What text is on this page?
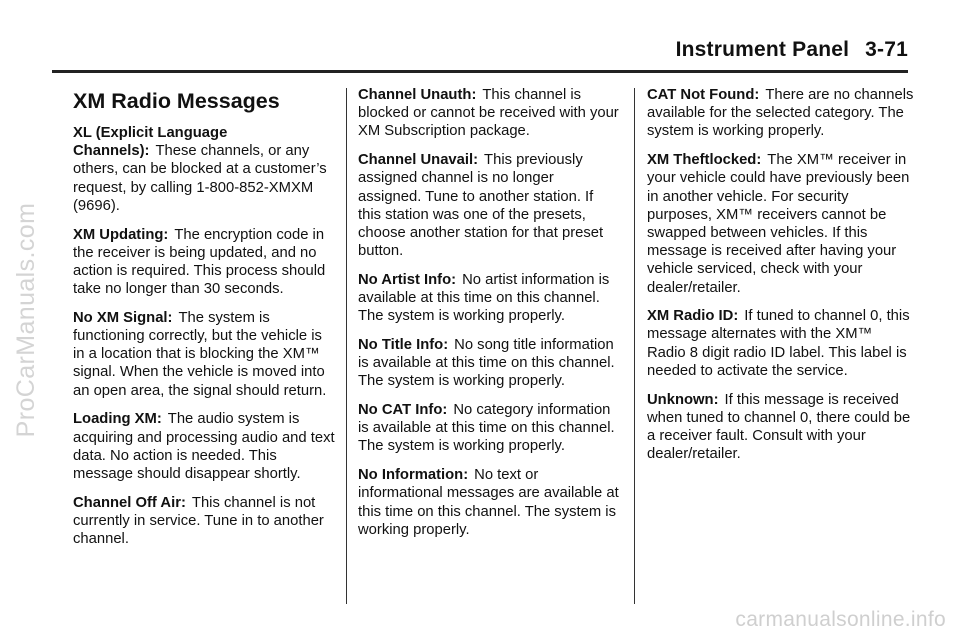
Instrument Panel 3-71
ProCarManuals.com
carmanualsonline.info
XM Radio Messages
XL (Explicit Language Channels): These channels, or any others, can be blocked at a customer’s request, by calling 1-800-852-XMXM (9696).
XM Updating: The encryption code in the receiver is being updated, and no action is required. This process should take no longer than 30 seconds.
No XM Signal: The system is functioning correctly, but the vehicle is in a location that is blocking the XM™ signal. When the vehicle is moved into an open area, the signal should return.
Loading XM: The audio system is acquiring and processing audio and text data. No action is needed. This message should disappear shortly.
Channel Off Air: This channel is not currently in service. Tune in to another channel.
Channel Unauth: This channel is blocked or cannot be received with your XM Subscription package.
Channel Unavail: This previously assigned channel is no longer assigned. Tune to another station. If this station was one of the presets, choose another station for that preset button.
No Artist Info: No artist information is available at this time on this channel. The system is working properly.
No Title Info: No song title information is available at this time on this channel. The system is working properly.
No CAT Info: No category information is available at this time on this channel. The system is working properly.
No Information: No text or informational messages are available at this time on this channel. The system is working properly.
CAT Not Found: There are no channels available for the selected category. The system is working properly.
XM Theftlocked: The XM™ receiver in your vehicle could have previously been in another vehicle. For security purposes, XM™ receivers cannot be swapped between vehicles. If this message is received after having your vehicle serviced, check with your dealer/retailer.
XM Radio ID: If tuned to channel 0, this message alternates with the XM™ Radio 8 digit radio ID label. This label is needed to activate the service.
Unknown: If this message is received when tuned to channel 0, there could be a receiver fault. Consult with your dealer/retailer.
